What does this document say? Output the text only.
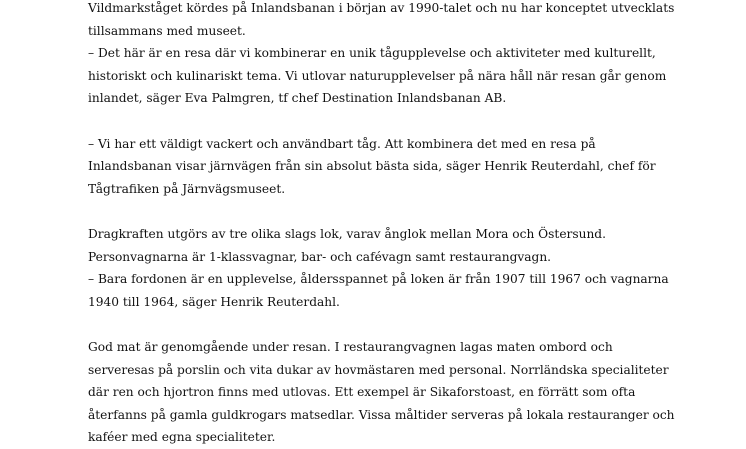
Vildmarkståget kördes på Inlandsbanan i början av 1990-talet och nu har konceptet utvecklats
tillsammans med museet.
– Det här är en resa där vi kombinerar en unik tågupplevelse och aktiviteter med kulturellt,
historiskt och kulinariskt tema. Vi utlovar naturupplevelser på nära håll när resan går genom
inlandet, säger Eva Palmgren, tf chef Destination Inlandsbanan AB.
– Vi har ett väldigt vackert och användbart tåg. Att kombinera det med en resa på
Inlandsbanan visar järnvägen från sin absolut bästa sida, säger Henrik Reuterdahl, chef för
Tågtrafiken på Järnvägsmuseet.
Dragkraften utgörs av tre olika slags lok, varav ånglok mellan Mora och Östersund.
Personvagnarna är 1-klassvagnar, bar- och cafévagn samt restaurangvagn.
– Bara fordonen är en upplevelse, åldersspannet på loken är från 1907 till 1967 och vagnarna
1940 till 1964, säger Henrik Reuterdahl.
God mat är genomgående under resan. I restaurangvagnen lagas maten ombord och
serveresas på porslin och vita dukar av hovmästaren med personal. Norrländska specialiteter
där ren och hjortron finns med utlovas. Ett exempel är Sikaforstoast, en förrätt som ofta
återfanns på gamla guldkrogars matsedlar. Vissa måltider serveras på lokala restauranger och
kaféer med egna specialiteter.
